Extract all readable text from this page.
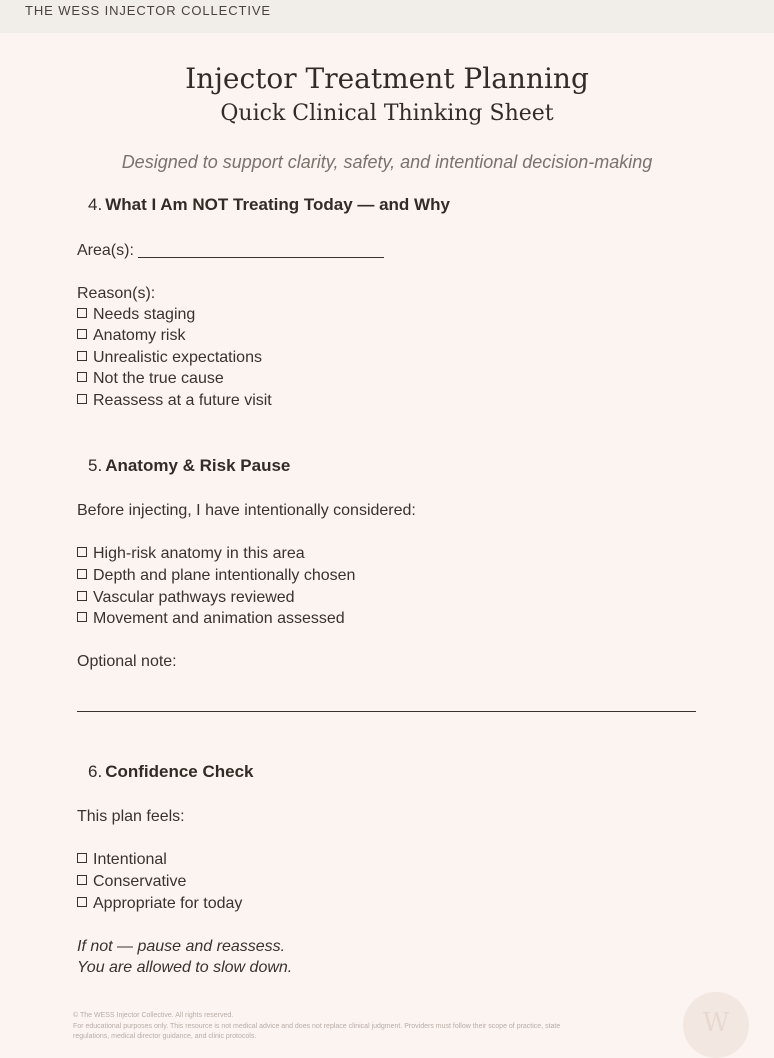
THE WESS INJECTOR COLLECTIVE
Injector Treatment Planning
Quick Clinical Thinking Sheet
Designed to support clarity, safety, and intentional decision-making
4. What I Am NOT Treating Today — and Why
Area(s):
Reason(s):
Needs staging
Anatomy risk
Unrealistic expectations
Not the true cause
Reassess at a future visit
5. Anatomy & Risk Pause
Before injecting, I have intentionally considered:
High-risk anatomy in this area
Depth and plane intentionally chosen
Vascular pathways reviewed
Movement and animation assessed
Optional note:
6. Confidence Check
This plan feels:
Intentional
Conservative
Appropriate for today
If not — pause and reassess.
You are allowed to slow down.
© The WESS Injector Collective. All rights reserved.
For educational purposes only. This resource is not medical advice and does not replace clinical judgment. Providers must follow their scope of practice, state
regulations, medical director guidance, and clinic protocols.	W
